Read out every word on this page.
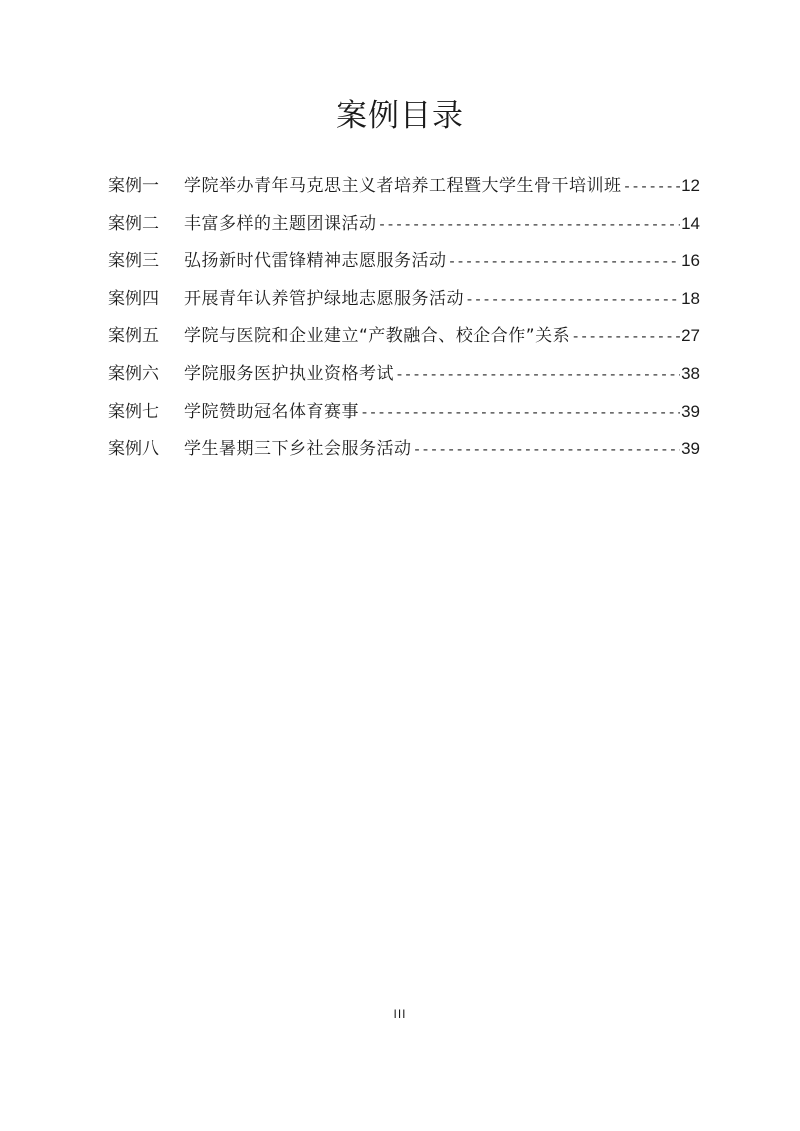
案例目录
案例一	学院举办青年马克思主义者培养工程暨大学生骨干培训班 -----	12
案例二	丰富多样的主题团课活动 -----	14
案例三	弘扬新时代雷锋精神志愿服务活动 -----	16
案例四	开展青年认养管护绿地志愿服务活动 -----	18
案例五	学院与医院和企业建立“产教融合、校企合作”关系 -----	27
案例六	学院服务医护执业资格考试 -----	38
案例七	学院赞助冠名体育赛事 -----	39
案例八	学生暑期三下乡社会服务活动 -----	39
III
